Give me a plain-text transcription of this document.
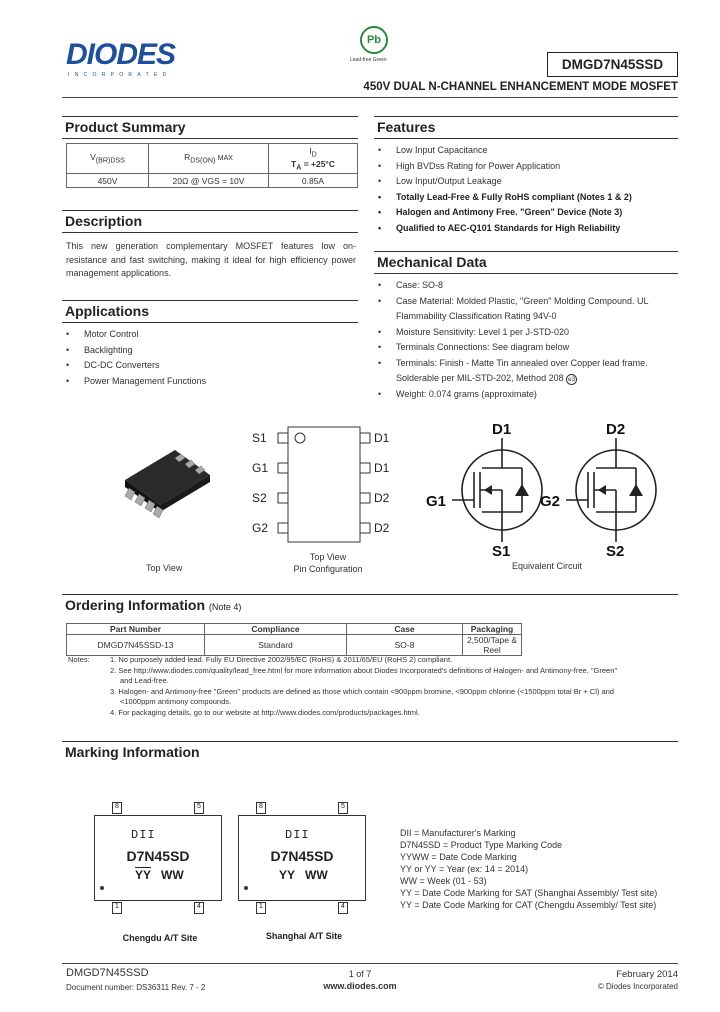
DIODES
INCORPORATED
Pb
Lead-free Green	DMGD7N45SSD
450V DUAL N-CHANNEL ENHANCEMENT MODE MOSFET
Product Summary
$V_{(BR)DSS}$	$R_{DS(ON)}$ MAX	$I_D$
$T_A = +25^\circ C$
450V	20Ω @ VGS = 10V	0.85A
Description
This new generation complementary MOSFET features low on-resistance and fast switching, making it ideal for high efficiency power management applications.
Applications
• Motor Control
• Backlighting
• DC-DC Converters
• Power Management Functions
Features
• Low Input Capacitance
• High BVDss Rating for Power Application
• Low Input/Output Leakage
• Totally Lead-Free & Fully RoHS compliant (Notes 1 & 2)
• Halogen and Antimony Free. "Green" Device (Note 3)
• Qualified to AEC-Q101 Standards for High Reliability
Mechanical Data
• Case: SO-8
• Case Material: Molded Plastic, "Green" Molding Compound. UL Flammability Classification Rating 94V-0
• Moisture Sensitivity: Level 1 per J-STD-020
• Terminals Connections: See diagram below
• Terminals: Finish - Matte Tin annealed over Copper lead frame. Solderable per MIL-STD-202, Method 208 e3
• Weight: 0.074 grams (approximate)
Top View
S1
G1
S2
G2
D1
D1
D2
D2
Top View
Pin Configuration
D1
G1
S1
D2
G2
S2
Equivalent Circuit
Ordering Information (Note 4)
Part Number	Compliance	Case	Packaging
DMGD7N45SSD-13	Standard	SO-8	2,500/Tape & Reel
Notes:	1. No purposely added lead. Fully EU Directive 2002/95/EC (RoHS) & 2011/65/EU (RoHS 2) compliant.
2. See http://www.diodes.com/quality/lead_free.html for more information about Diodes Incorporated's definitions of Halogen- and Antimony-free, "Green"
and Lead-free.
3. Halogen- and Antimony-free "Green" products are defined as those which contain <900ppm bromine, <900ppm chlorine (<1500ppm total Br + Cl) and
<1000ppm antimony compounds.
4. For packaging details, go to our website at http://www.diodes.com/products/packages.html.
Marking Information
DII
D7N45SD
$\overline{YY}$ WW
8	5
1	4
Chengdu A/T Site
DII
D7N45SD
YY WW
8	5
1	4
Shanghai A/T Site
DII = Manufacturer's Marking
D7N45SD = Product Type Marking Code
YYWW = Date Code Marking
YY or YY = Year (ex: 14 = 2014)
WW = Week (01 - 53)
YY = Date Code Marking for SAT (Shanghai Assembly/ Test site)
YY = Date Code Marking for CAT (Chengdu Assembly/ Test site)
DMGD7N45SSD
Document number: DS36311 Rev. 7 - 2
1 of 7
www.diodes.com
February 2014
© Diodes Incorporated
